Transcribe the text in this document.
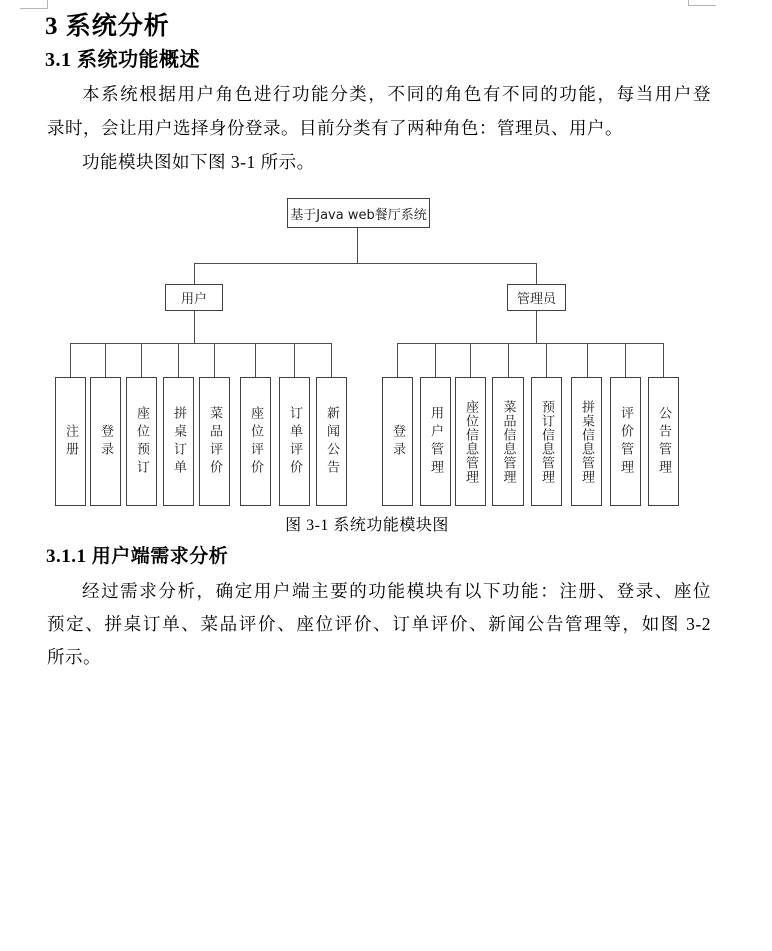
3 系统分析
3.1 系统功能概述
本系统根据用户角色进行功能分类，不同的角色有不同的功能，每当用户登
录时，会让用户选择身份登录。目前分类有了两种角色：管理员、用户。
功能模块图如下图 3-1 所示。
基于Java web餐厅系统
用户	管理员
注册 登录 座位预订 拼桌订单 菜品评价 座位评价 订单评价 新闻公告	登录 用户管理 座位信息管理 菜品信息管理 预订信息管理 拼桌信息管理 评价管理 公告管理
图 3-1 系统功能模块图
3.1.1 用户端需求分析
经过需求分析，确定用户端主要的功能模块有以下功能：注册、登录、座位
预定、拼桌订单、菜品评价、座位评价、订单评价、新闻公告管理等，如图 3-2
所示。
